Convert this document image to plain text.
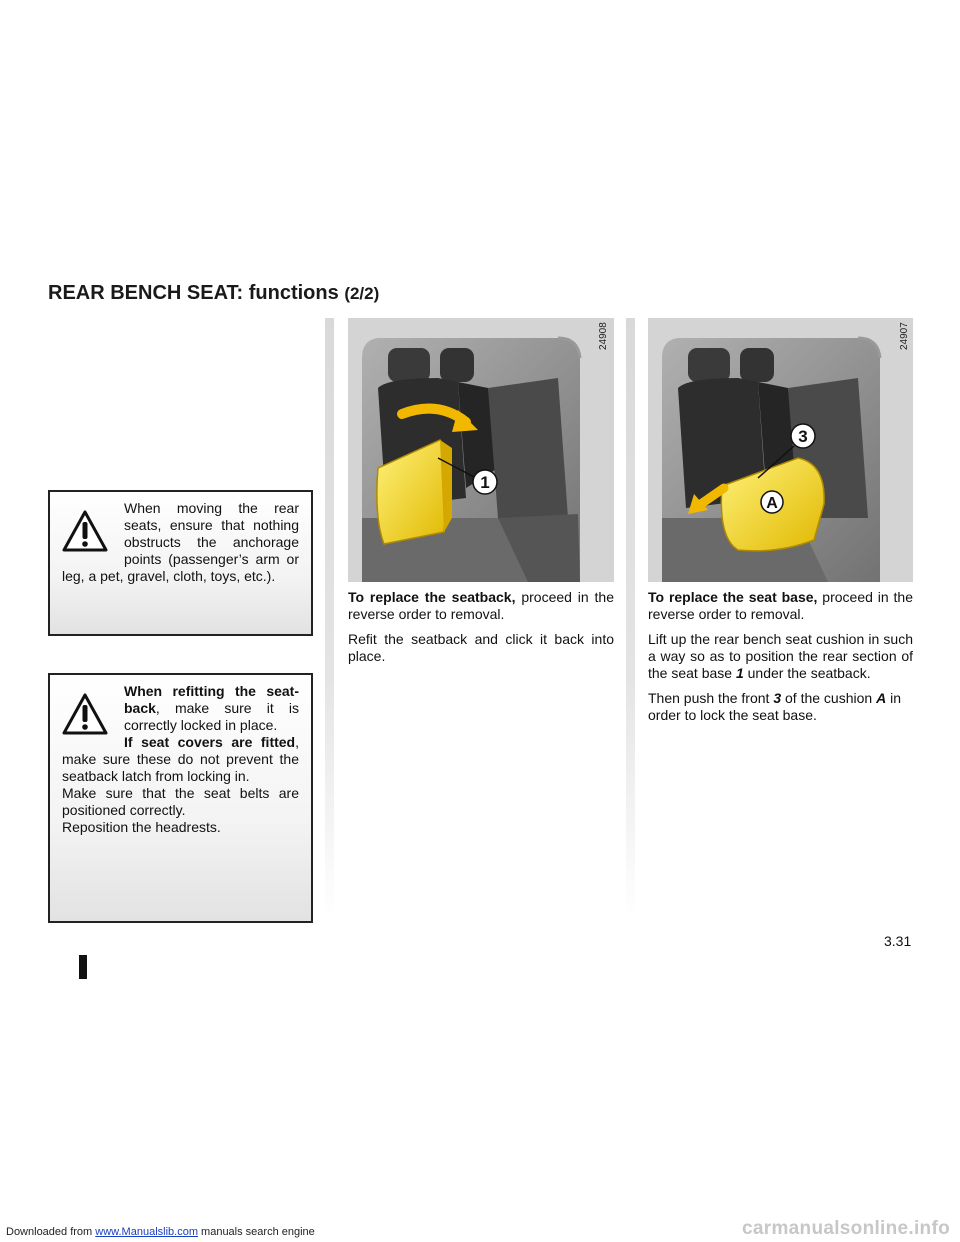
REAR BENCH SEAT: functions (2/2)

When moving the rear seats, ensure that nothing obstructs the anchorage points (passenger’s arm or leg, a pet, gravel, cloth, toys, etc.).

When refitting the seat-back, make sure it is correctly locked in place.

If seat covers are fitted, make sure these do not prevent the seatback latch from locking in.

Make sure that the seat belts are positioned correctly.

Reposition the headrests.

1
24908
3
A
24907

To replace the seatback, proceed in the reverse order to removal.

Refit the seatback and click it back into place.

To replace the seat base, proceed in the reverse order to removal.

Lift up the rear bench seat cushion in such a way so as to position the rear section of the seat base 1 under the seatback.

Then push the front 3 of the cushion A in order to lock the seat base.

3.31
Downloaded from www.Manualslib.com manuals search engine	carmanualsonline.info
